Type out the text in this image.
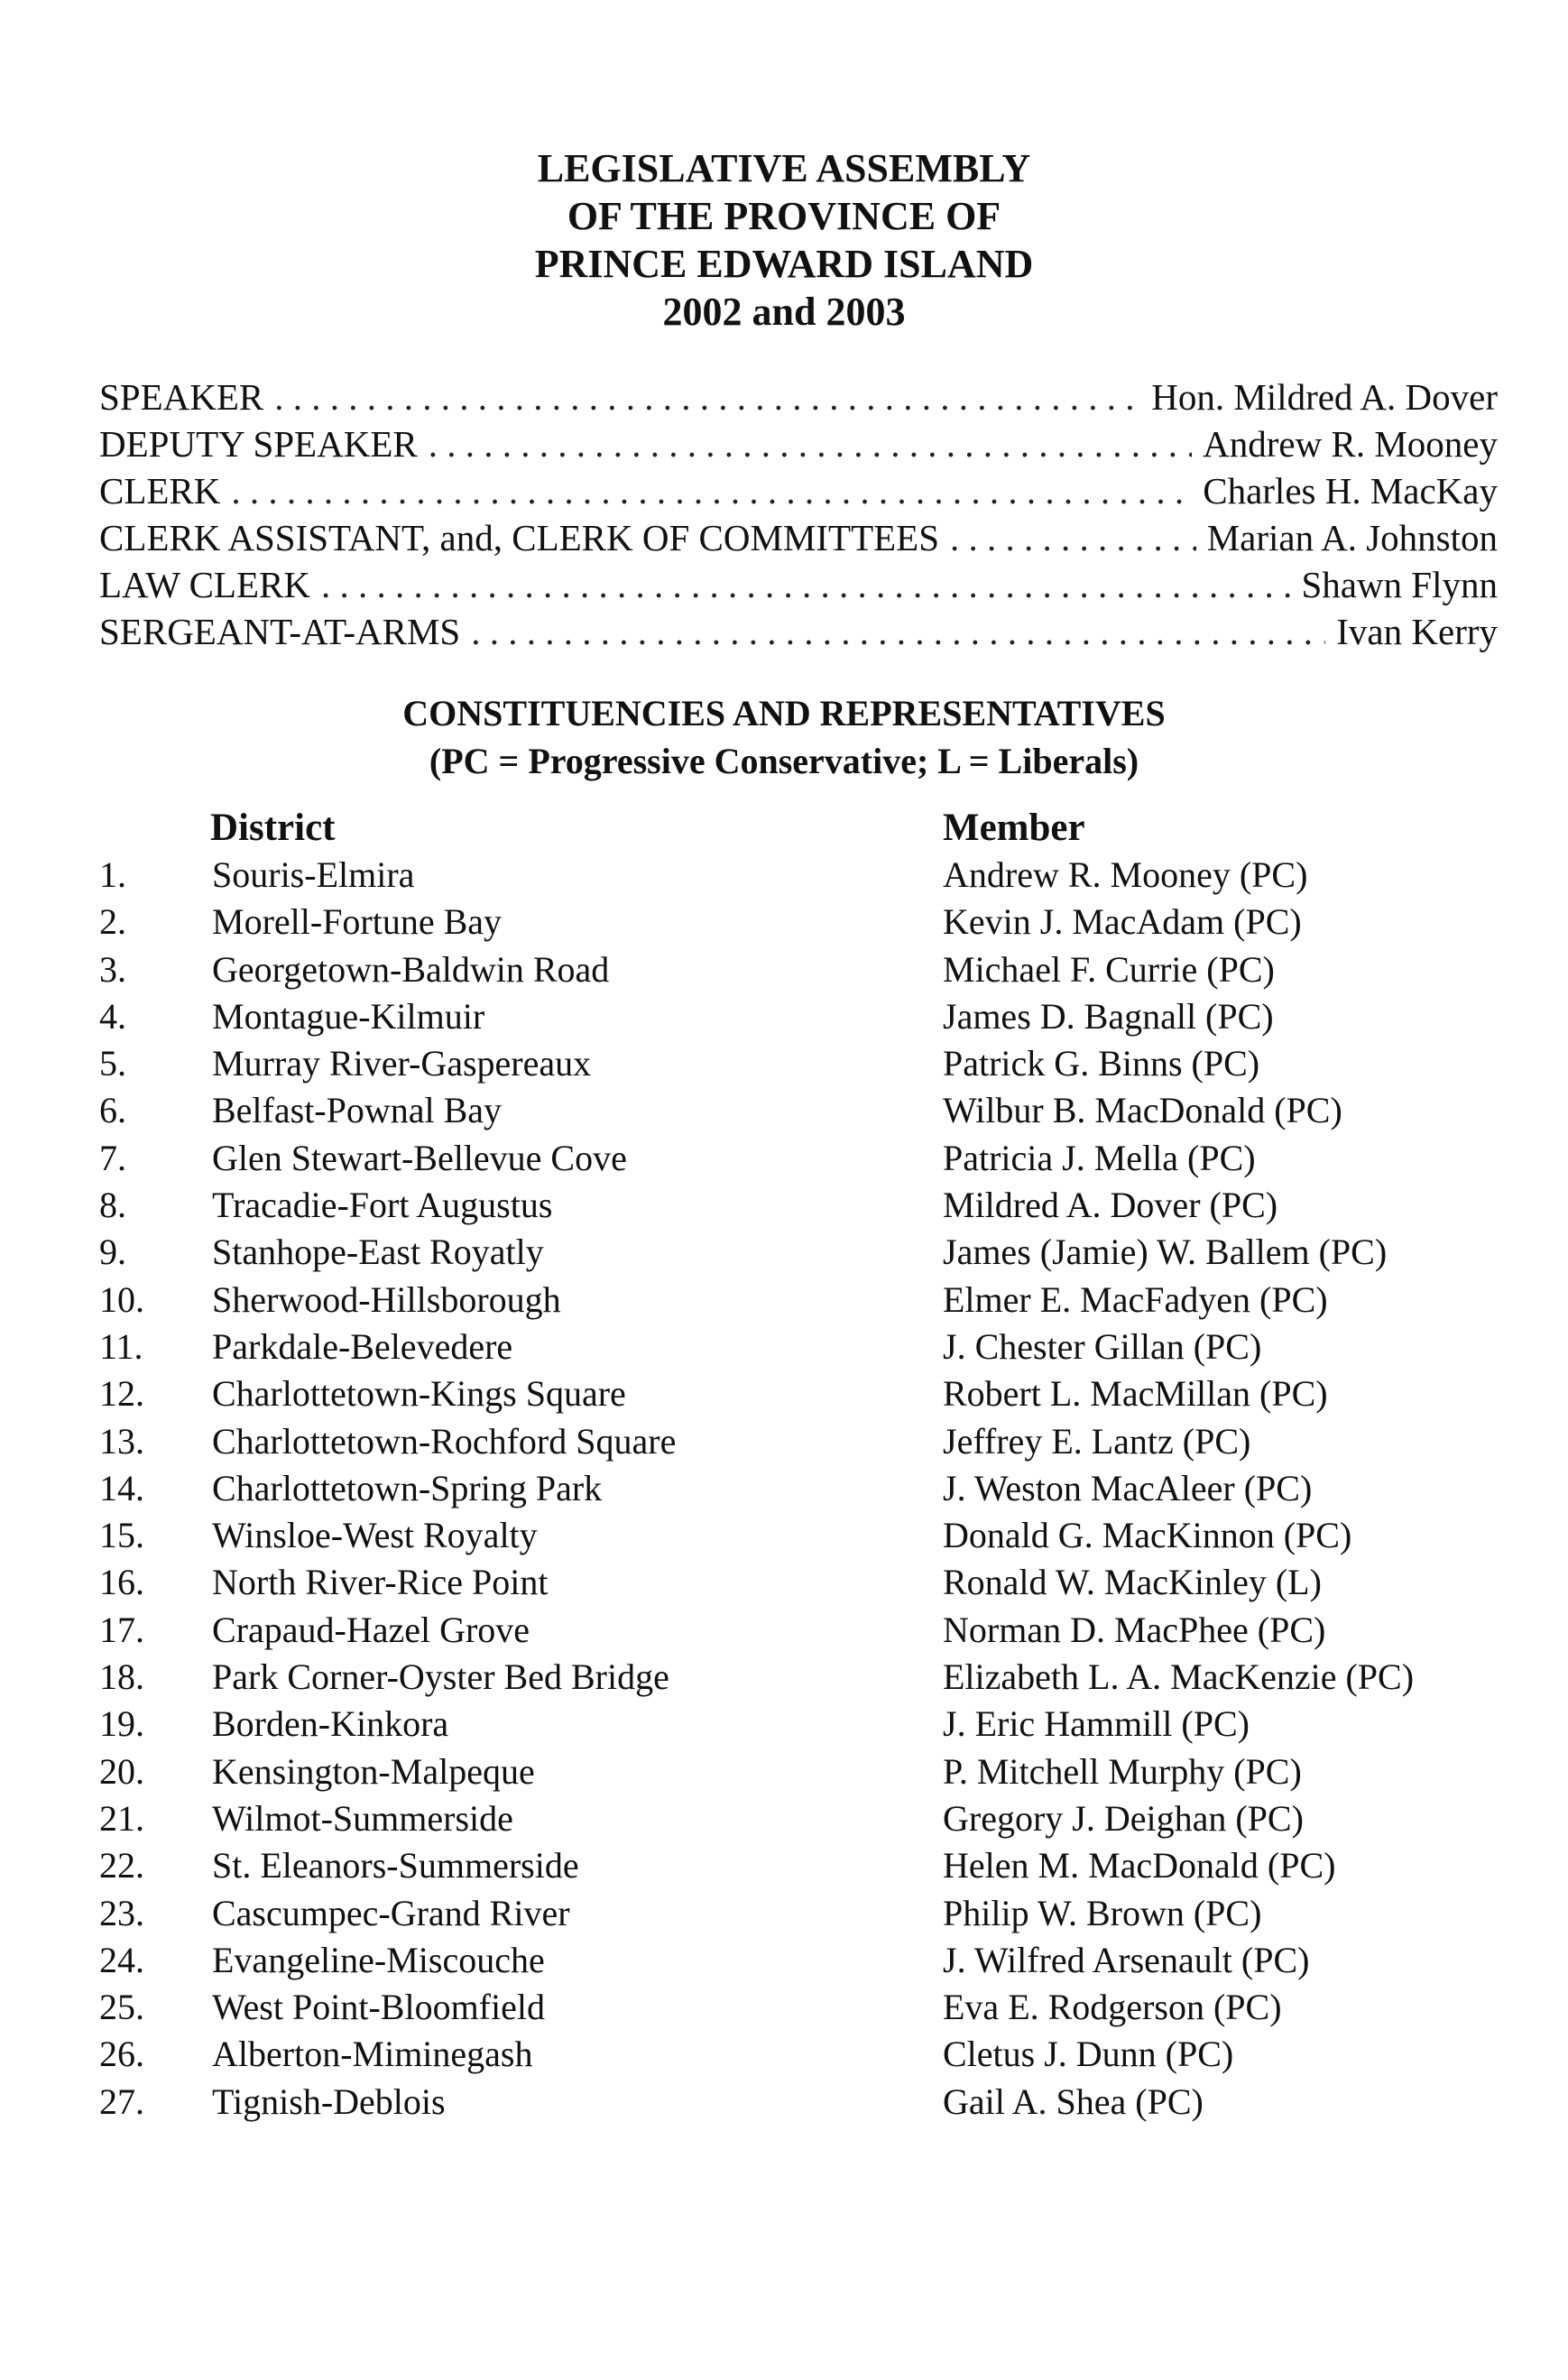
LEGISLATIVE ASSEMBLY
OF THE PROVINCE OF
PRINCE EDWARD ISLAND
2002 and 2003
SPEAKER . . .	Hon. Mildred A. Dover
DEPUTY SPEAKER . . .	Andrew R. Mooney
CLERK . . .	Charles H. MacKay
CLERK ASSISTANT, and, CLERK OF COMMITTEES . . .	Marian A. Johnston
LAW CLERK . . .	Shawn Flynn
SERGEANT-AT-ARMS . . .	Ivan Kerry
CONSTITUENCIES AND REPRESENTATIVES
(PC = Progressive Conservative; L = Liberals)
District	Member
1. Souris-Elmira	Andrew R. Mooney (PC)
2. Morell-Fortune Bay	Kevin J. MacAdam (PC)
3. Georgetown-Baldwin Road	Michael F. Currie (PC)
4. Montague-Kilmuir	James D. Bagnall (PC)
5. Murray River-Gaspereaux	Patrick G. Binns (PC)
6. Belfast-Pownal Bay	Wilbur B. MacDonald (PC)
7. Glen Stewart-Bellevue Cove	Patricia J. Mella (PC)
8. Tracadie-Fort Augustus	Mildred A. Dover (PC)
9. Stanhope-East Royatly	James (Jamie) W. Ballem (PC)
10. Sherwood-Hillsborough	Elmer E. MacFadyen (PC)
11. Parkdale-Belevedere	J. Chester Gillan (PC)
12. Charlottetown-Kings Square	Robert L. MacMillan (PC)
13. Charlottetown-Rochford Square	Jeffrey E. Lantz (PC)
14. Charlottetown-Spring Park	J. Weston MacAleer (PC)
15. Winsloe-West Royalty	Donald G. MacKinnon (PC)
16. North River-Rice Point	Ronald W. MacKinley (L)
17. Crapaud-Hazel Grove	Norman D. MacPhee (PC)
18. Park Corner-Oyster Bed Bridge	Elizabeth L. A. MacKenzie (PC)
19. Borden-Kinkora	J. Eric Hammill (PC)
20. Kensington-Malpeque	P. Mitchell Murphy (PC)
21. Wilmot-Summerside	Gregory J. Deighan (PC)
22. St. Eleanors-Summerside	Helen M. MacDonald (PC)
23. Cascumpec-Grand River	Philip W. Brown (PC)
24. Evangeline-Miscouche	J. Wilfred Arsenault (PC)
25. West Point-Bloomfield	Eva E. Rodgerson (PC)
26. Alberton-Miminegash	Cletus J. Dunn (PC)
27. Tignish-Deblois	Gail A. Shea (PC)
